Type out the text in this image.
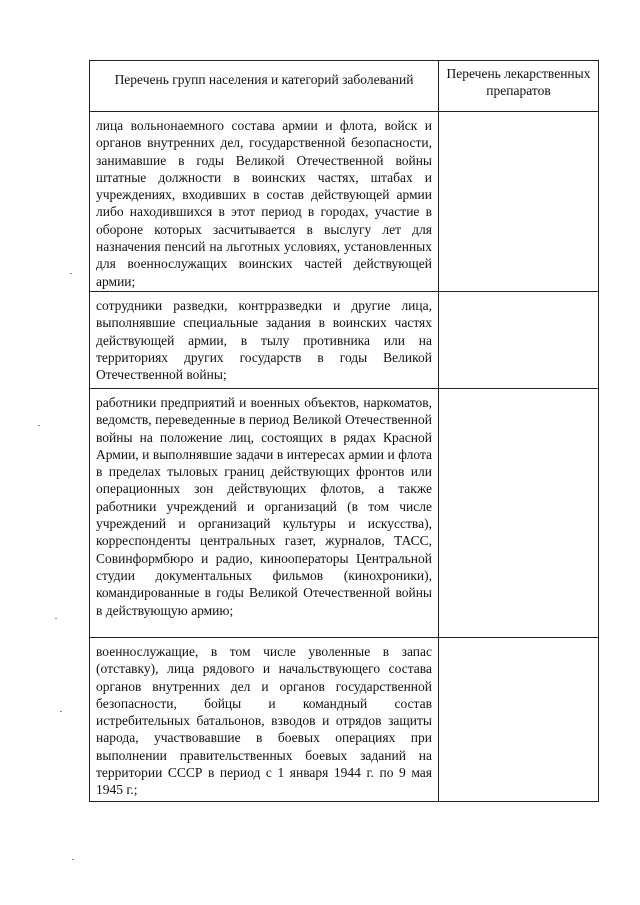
Перечень групп населения и категорий заболеваний	Перечень лекарственных препаратов

лица вольнонаемного состава армии и флота, войск и органов внутренних дел, государственной безопасности, занимавшие в годы Великой Отечественной войны штатные должности в воинских частях, штабах и учреждениях, входивших в состав действующей армии либо находившихся в этот период в городах, участие в обороне которых засчитывается в выслугу лет для назначения пенсий на льготных условиях, установленных для военнослужащих воинских частей действующей армии;	

сотрудники разведки, контрразведки и другие лица, выполнявшие специальные задания в воинских частях действующей армии, в тылу противника или на территориях других государств в годы Великой Отечественной войны;	

работники предприятий и военных объектов, наркоматов, ведомств, переведенные в период Великой Отечественной войны на положение лиц, состоящих в рядах Красной Армии, и выполнявшие задачи в интересах армии и флота в пределах тыловых границ действующих фронтов или операционных зон действующих флотов, а также работники учреждений и организаций (в том числе учреждений и организаций культуры и искусства), корреспонденты центральных газет, журналов, ТАСС, Совинформбюро и радио, кинооператоры Центральной студии документальных фильмов (кинохроники), командированные в годы Великой Отечественной войны в действующую армию;	

военнослужащие, в том числе уволенные в запас (отставку), лица рядового и начальствующего состава органов внутренних дел и органов государственной безопасности, бойцы и командный состав истребительных батальонов, взводов и отрядов защиты народа, участвовавшие в боевых операциях при выполнении правительственных боевых заданий на территории СССР в период с 1 января 1944 г. по 9 мая 1945 г.;	
